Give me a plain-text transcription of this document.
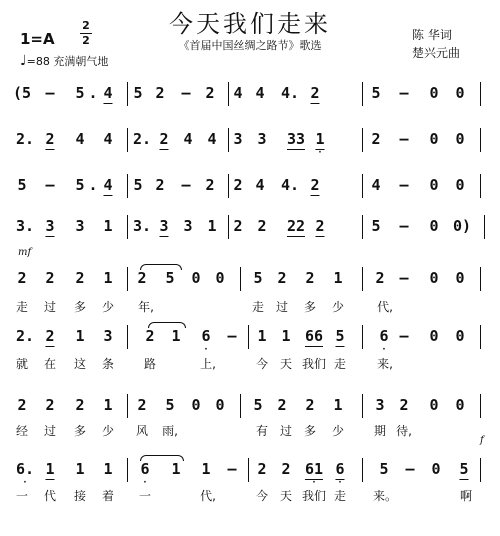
今天我们走来
《首届中国丝绸之路节》歌选
陈 华词
楚兴元曲
1=A
2
2
♩=88 充满朝气地
mf
f
(5 — 5 . 4 5 2 — 2 4 4 4. 2	5 — 0 0
2. 2 4 4 2. 2 4 4 3 3 33 1
·
2 — 0 0
5 — 5 . 4 5 2 — 2 2 4 4. 2	4 — 0 0
3. 3 3 1 3. 3 3 1 2 2 22 2	5 — 0 0)
2 2 2 1 2 5 0 0 5 2 2 1 2 — 0 0
2. 2 1 3 2 1 6
·
— 1 1 66 5 6
·
— 0 0
2 2 2 1 2 5 0 0 5 2 2 1 3 2 0 0
6.
·
1 1 1 6
·
1 1 — 2 2 61
·
6
·
5 — 0 5
走 过 多 少 年,	走 过 多 少	代,
就 在 这 条 路	上,	今 天 我们 走	来,
经 过 多 少 风 雨,	有 过 多 少 期 待,
一 代 接 着 一	代,	今 天 我们 走 来。	啊
